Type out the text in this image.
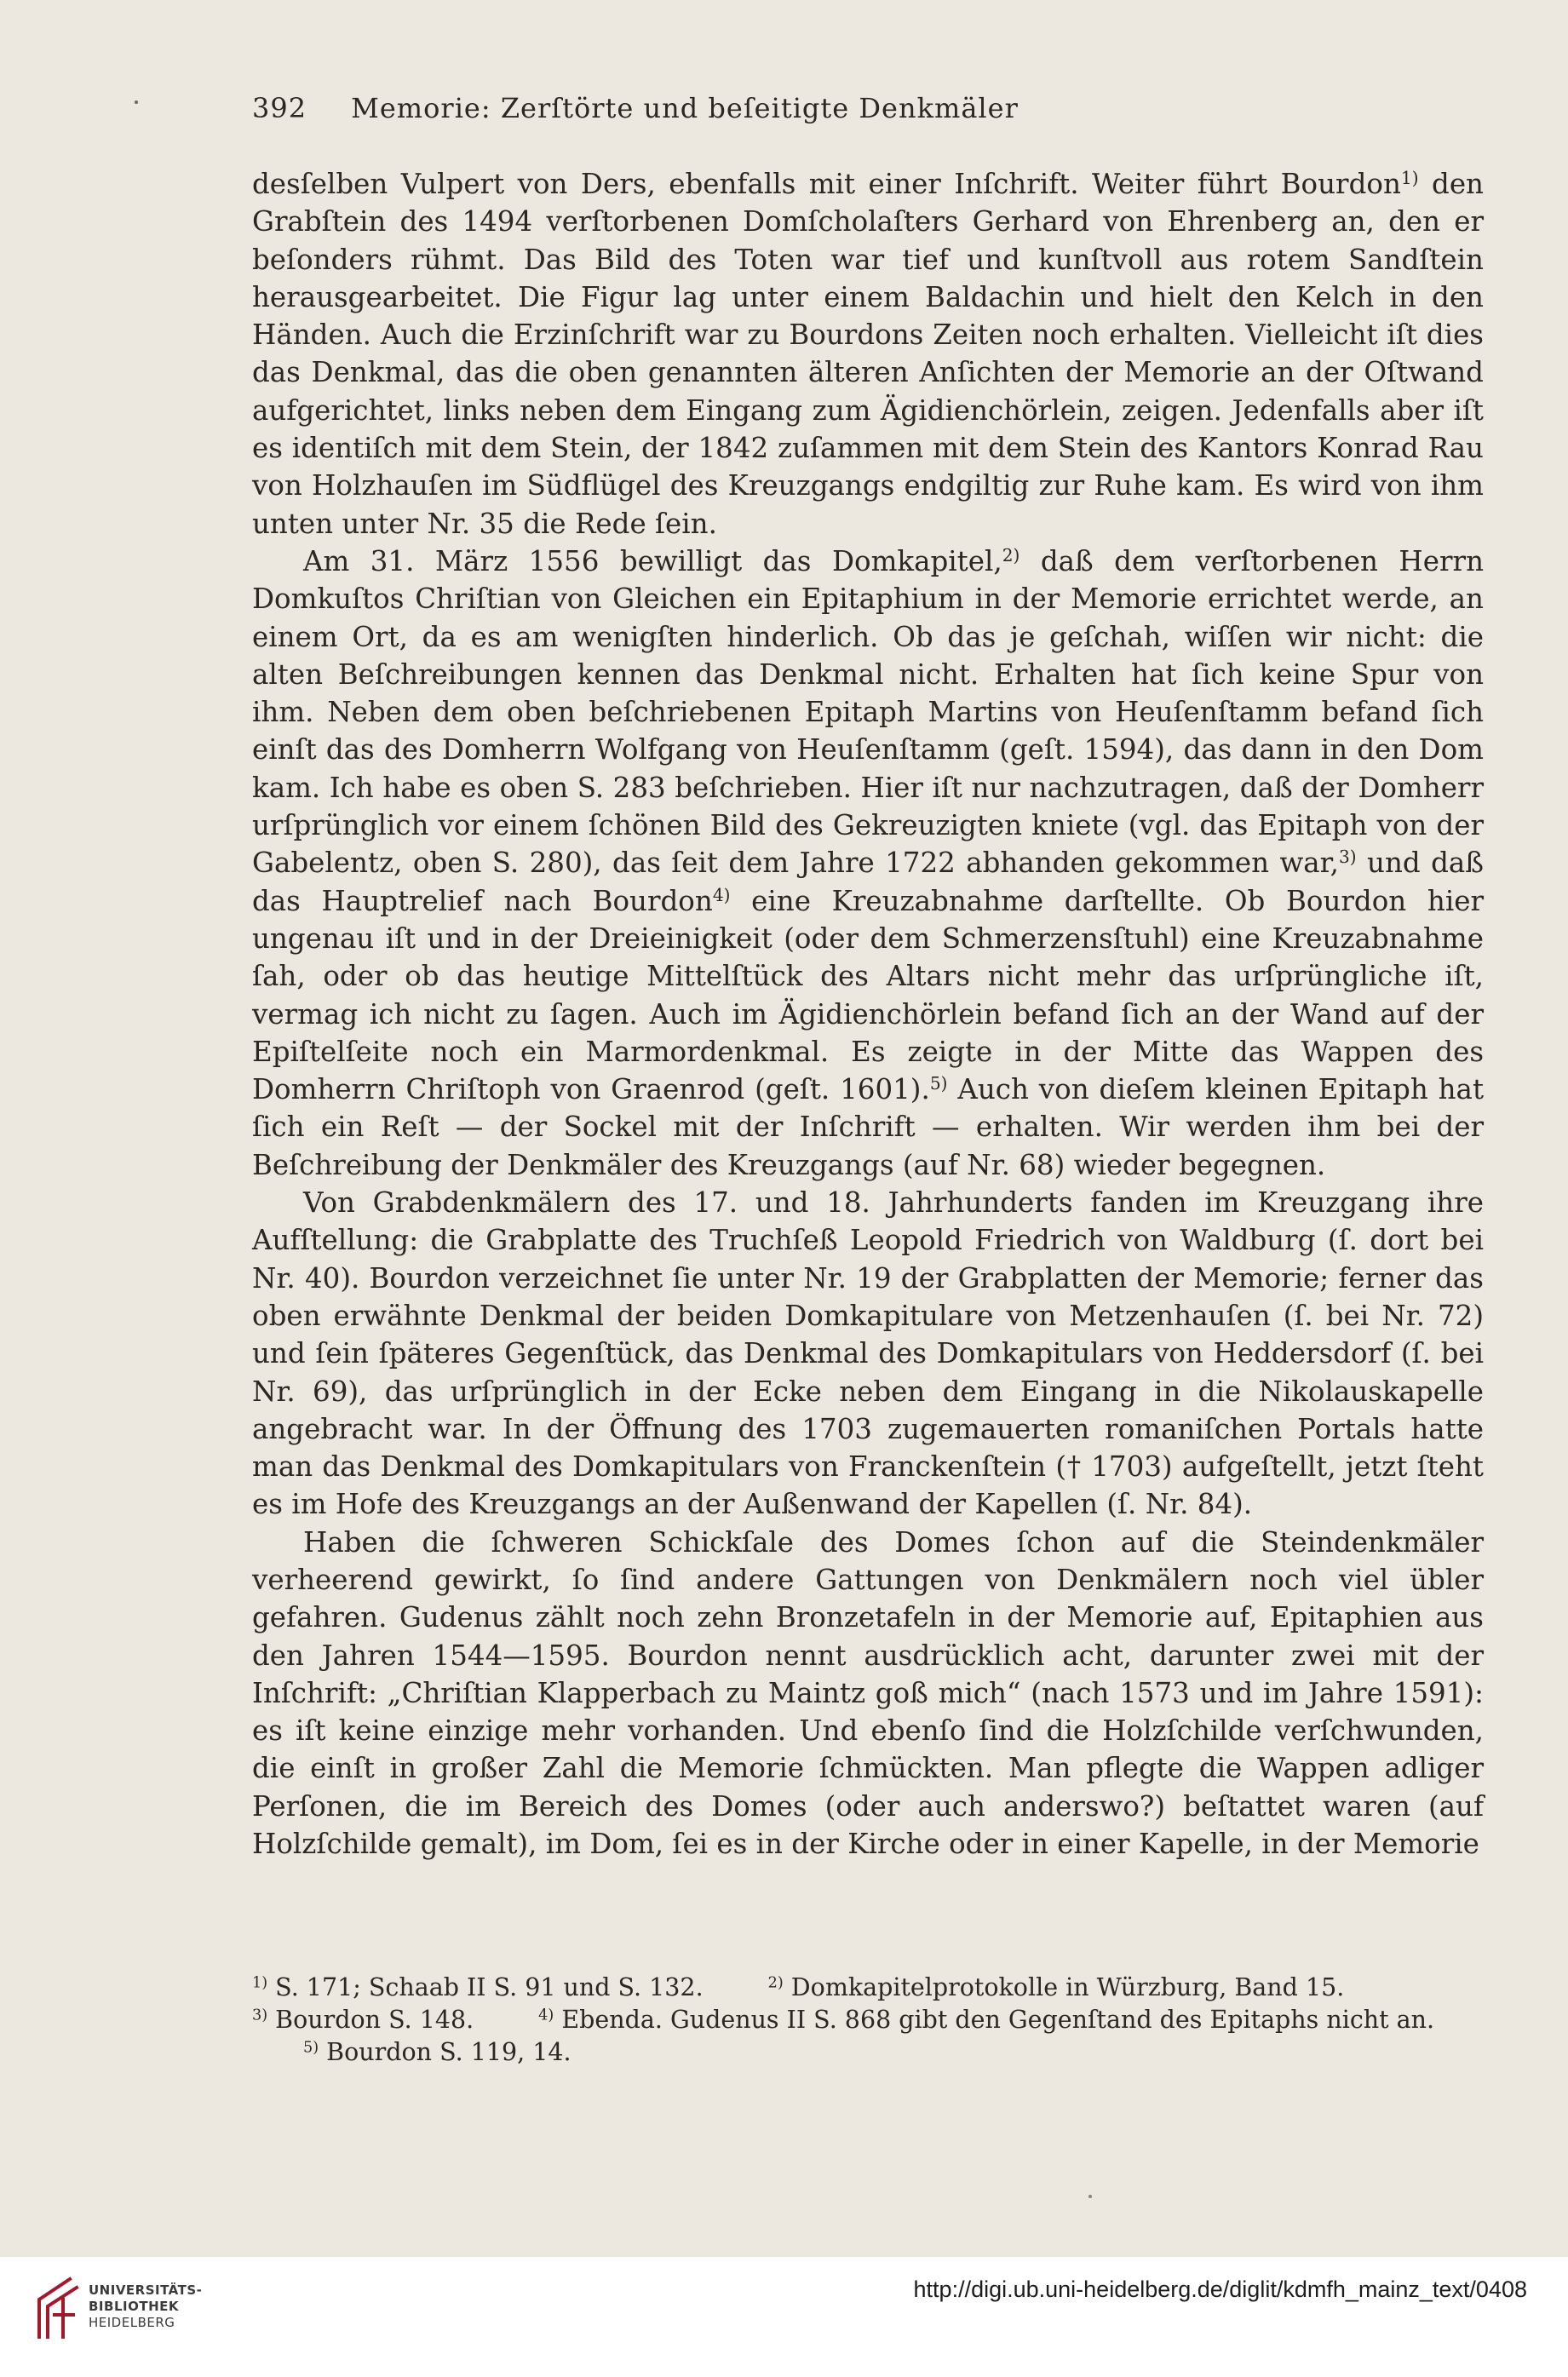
392 Memorie: Zerſtörte und beſeitigte Denkmäler

desſelben Vulpert von Ders, ebenfalls mit einer Inſchrift. Weiter führt Bourdon$^{1)}$ den Grabſtein des 1494 verſtorbenen Domſcholaſters Gerhard von Ehrenberg an, den er beſonders rühmt. Das Bild des Toten war tief und kunſtvoll aus rotem Sandſtein herausgearbeitet. Die Figur lag unter einem Baldachin und hielt den Kelch in den Händen. Auch die Erzinſchrift war zu Bourdons Zeiten noch erhalten. Vielleicht iſt dies das Denkmal, das die oben genannten älteren Anſichten der Memorie an der Oſtwand aufgerichtet, links neben dem Eingang zum Ägidienchörlein, zeigen. Jedenfalls aber iſt es identiſch mit dem Stein, der 1842 zuſammen mit dem Stein des Kantors Konrad Rau von Holzhauſen im Südflügel des Kreuzgangs endgiltig zur Ruhe kam. Es wird von ihm unten unter Nr. 35 die Rede ſein.

Am 31. März 1556 bewilligt das Domkapitel,$^{2)}$ daß dem verſtorbenen Herrn Domkuſtos Chriſtian von Gleichen ein Epitaphium in der Memorie errichtet werde, an einem Ort, da es am wenigſten hinderlich. Ob das je geſchah, wiſſen wir nicht: die alten Beſchreibungen kennen das Denkmal nicht. Erhalten hat ſich keine Spur von ihm. Neben dem oben beſchriebenen Epitaph Martins von Heuſenſtamm befand ſich einſt das des Domherrn Wolfgang von Heuſenſtamm (geſt. 1594), das dann in den Dom kam. Ich habe es oben S. 283 beſchrieben. Hier iſt nur nachzutragen, daß der Domherr urſprünglich vor einem ſchönen Bild des Gekreuzigten kniete (vgl. das Epitaph von der Gabelentz, oben S. 280), das ſeit dem Jahre 1722 abhanden gekommen war,$^{3)}$ und daß das Hauptrelief nach Bourdon$^{4)}$ eine Kreuzabnahme darſtellte. Ob Bourdon hier ungenau iſt und in der Dreieinigkeit (oder dem Schmerzensſtuhl) eine Kreuzabnahme ſah, oder ob das heutige Mittelſtück des Altars nicht mehr das urſprüngliche iſt, vermag ich nicht zu ſagen. Auch im Ägidienchörlein befand ſich an der Wand auf der Epiſtelſeite noch ein Marmordenkmal. Es zeigte in der Mitte das Wappen des Domherrn Chriſtoph von Graenrod (geſt. 1601).$^{5)}$ Auch von dieſem kleinen Epitaph hat ſich ein Reſt — der Sockel mit der Inſchrift — erhalten. Wir werden ihm bei der Beſchreibung der Denkmäler des Kreuzgangs (auf Nr. 68) wieder begegnen.

Von Grabdenkmälern des 17. und 18. Jahrhunderts fanden im Kreuzgang ihre Aufſtellung: die Grabplatte des Truchſeß Leopold Friedrich von Waldburg (ſ. dort bei Nr. 40). Bourdon verzeichnet ſie unter Nr. 19 der Grabplatten der Memorie; ferner das oben erwähnte Denkmal der beiden Domkapitulare von Metzenhauſen (ſ. bei Nr. 72) und ſein ſpäteres Gegenſtück, das Denkmal des Domkapitulars von Heddersdorf (ſ. bei Nr. 69), das urſprünglich in der Ecke neben dem Eingang in die Nikolauskapelle angebracht war. In der Öffnung des 1703 zugemauerten romaniſchen Portals hatte man das Denkmal des Domkapitulars von Franckenſtein († 1703) aufgeſtellt, jetzt ſteht es im Hofe des Kreuzgangs an der Außenwand der Kapellen (ſ. Nr. 84).

Haben die ſchweren Schickſale des Domes ſchon auf die Steindenkmäler verheerend gewirkt, ſo ſind andere Gattungen von Denkmälern noch viel übler gefahren. Gudenus zählt noch zehn Bronzetafeln in der Memorie auf, Epitaphien aus den Jahren 1544—1595. Bourdon nennt ausdrücklich acht, darunter zwei mit der Inſchrift: „Chriſtian Klapperbach zu Maintz goß mich“ (nach 1573 und im Jahre 1591): es iſt keine einzige mehr vorhanden. Und ebenſo ſind die Holzſchilde verſchwunden, die einſt in großer Zahl die Memorie ſchmückten. Man pflegte die Wappen adliger Perſonen, die im Bereich des Domes (oder auch anderswo?) beſtattet waren (auf Holzſchilde gemalt), im Dom, ſei es in der Kirche oder in einer Kapelle, in der Memorie

$^{1)}$ S. 171; Schaab II S. 91 und S. 132.	$^{2)}$ Domkapitelprotokolle in Würzburg, Band 15.
$^{3)}$ Bourdon S. 148.	$^{4)}$ Ebenda. Gudenus II S. 868 gibt den Gegenſtand des Epitaphs nicht an.$^{5)}$ Bourdon S. 119, 14.
UNIVERSITÄTS-
BIBLIOTHEK
HEIDELBERG
http://digi.ub.uni-heidelberg.de/diglit/kdmfh_mainz_text/0408
